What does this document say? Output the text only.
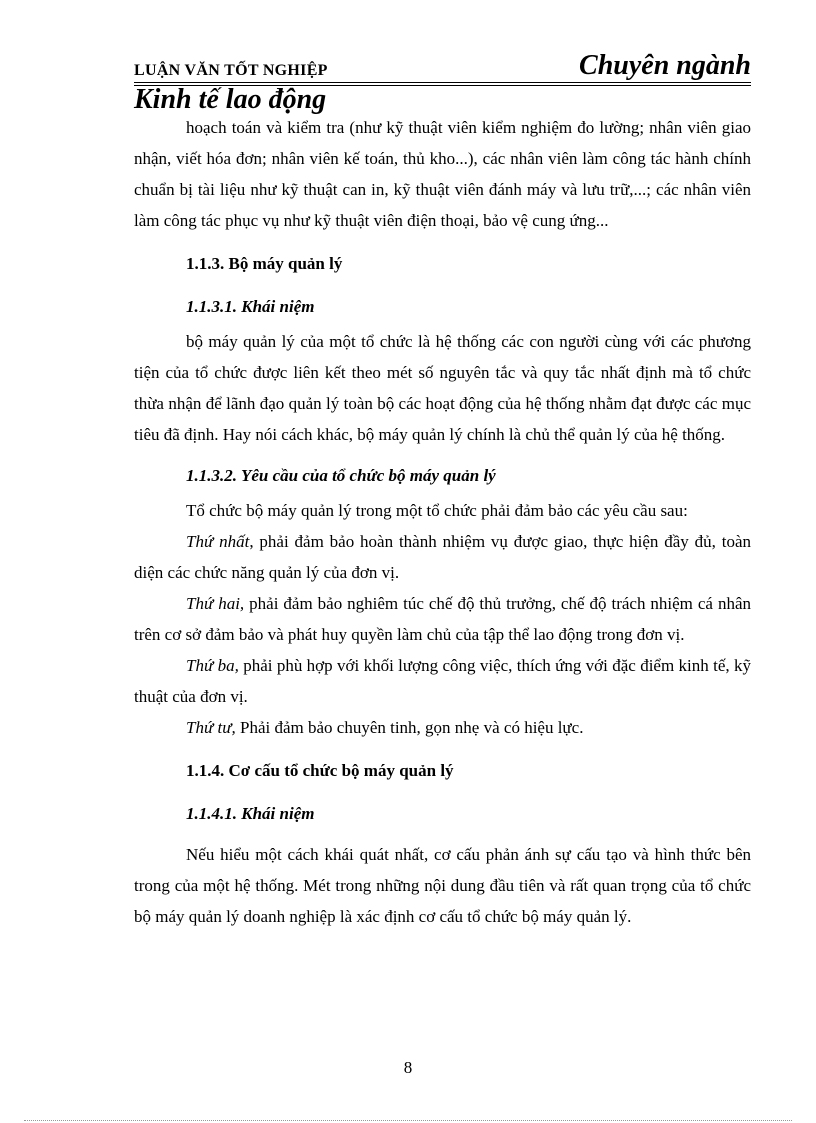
LUẬN VĂN TỐT NGHIỆP	Chuyên ngành
Kinh tế lao động

hoạch toán và kiểm tra (như kỹ thuật viên kiểm nghiệm đo lường; nhân viên giao nhận, viết hóa đơn; nhân viên kế toán, thủ kho...), các nhân viên làm công tác hành chính chuẩn bị tài liệu như kỹ thuật can in, kỹ thuật viên đánh máy và lưu trữ,...; các nhân viên làm công tác phục vụ như kỹ thuật viên điện thoại, bảo vệ cung ứng...

1.1.3. Bộ máy quản lý

1.1.3.1. Khái niệm

bộ máy quản lý của một tổ chức là hệ thống các con người cùng với các phương tiện của tổ chức được liên kết theo mét số nguyên tắc và quy tắc nhất định mà tổ chức thừa nhận để lãnh đạo quản lý toàn bộ các hoạt động của hệ thống nhằm đạt được các mục tiêu đã định. Hay nói cách khác, bộ máy quản lý chính là chủ thể quản lý của hệ thống.

1.1.3.2. Yêu cầu của tổ chức bộ máy quản lý

Tổ chức bộ máy quản lý trong một tổ chức phải đảm bảo các yêu cầu sau:

Thứ nhất, phải đảm bảo hoàn thành nhiệm vụ được giao, thực hiện đầy đủ, toàn diện các chức năng quản lý của đơn vị.

Thứ hai, phải đảm bảo nghiêm túc chế độ thủ trưởng, chế độ trách nhiệm cá nhân trên cơ sở đảm bảo và phát huy quyền làm chủ của tập thể lao động trong đơn vị.

Thứ ba, phải phù hợp với khối lượng công việc, thích ứng với đặc điểm kinh tế, kỹ thuật của đơn vị.

Thứ tư, Phải đảm bảo chuyên tinh, gọn nhẹ và có hiệu lực.

1.1.4. Cơ cấu tổ chức bộ máy quản lý

1.1.4.1. Khái niệm

Nếu hiểu một cách khái quát nhất, cơ cấu phản ánh sự cấu tạo và hình thức bên trong của một hệ thống. Mét trong những nội dung đầu tiên và rất quan trọng của tổ chức bộ máy quản lý doanh nghiệp là xác định cơ cấu tổ chức bộ máy quản lý.

8
